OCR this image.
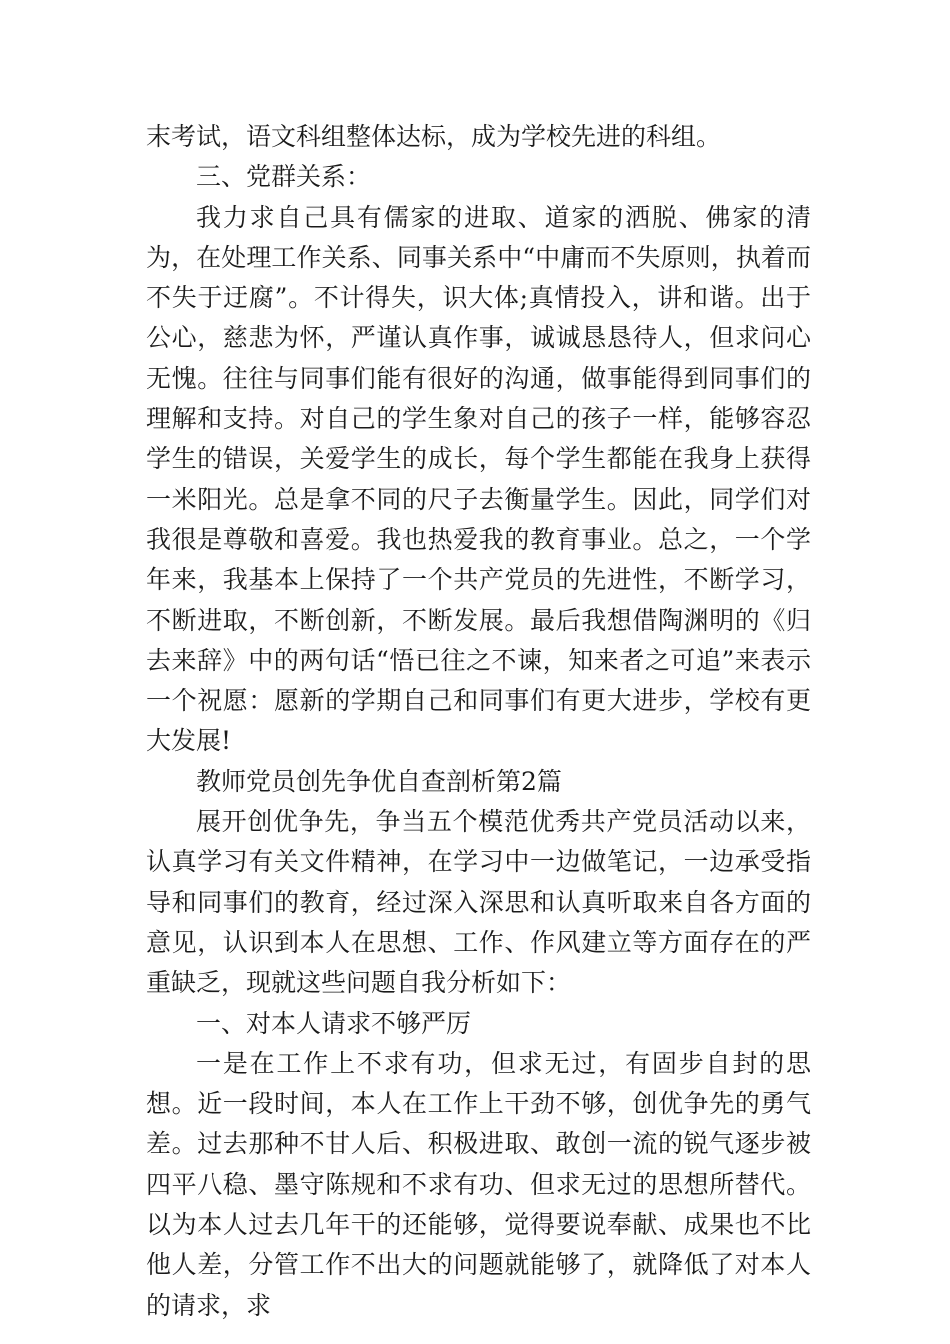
末考试，语文科组整体达标，成为学校先进的科组。

三、党群关系：

我力求自己具有儒家的进取、道家的洒脱、佛家的清为，在处理工作关系、同事关系中“中庸而不失原则，执着而不失于迂腐”。不计得失，识大体;真情投入，讲和谐。出于公心，慈悲为怀，严谨认真作事，诚诚恳恳待人，但求问心无愧。往往与同事们能有很好的沟通，做事能得到同事们的理解和支持。对自己的学生象对自己的孩子一样，能够容忍学生的错误，关爱学生的成长，每个学生都能在我身上获得一米阳光。总是拿不同的尺子去衡量学生。因此，同学们对我很是尊敬和喜爱。我也热爱我的教育事业。总之，一个学年来，我基本上保持了一个共产党员的先进性，不断学习，不断进取，不断创新，不断发展。最后我想借陶渊明的《归去来辞》中的两句话“悟已往之不谏，知来者之可追”来表示一个祝愿：愿新的学期自己和同事们有更大进步，学校有更大发展!

教师党员创先争优自查剖析第2篇

展开创优争先，争当五个模范优秀共产党员活动以来，认真学习有关文件精神，在学习中一边做笔记，一边承受指导和同事们的教育，经过深入深思和认真听取来自各方面的意见，认识到本人在思想、工作、作风建立等方面存在的严重缺乏，现就这些问题自我分析如下：

一、对本人请求不够严厉

一是在工作上不求有功，但求无过，有固步自封的思想。近一段时间，本人在工作上干劲不够，创优争先的勇气差。过去那种不甘人后、积极进取、敢创一流的锐气逐步被四平八稳、墨守陈规和不求有功、但求无过的思想所替代。以为本人过去几年干的还能够，觉得要说奉献、成果也不比他人差，分管工作不出大的问题就能够了，就降低了对本人的请求，求
